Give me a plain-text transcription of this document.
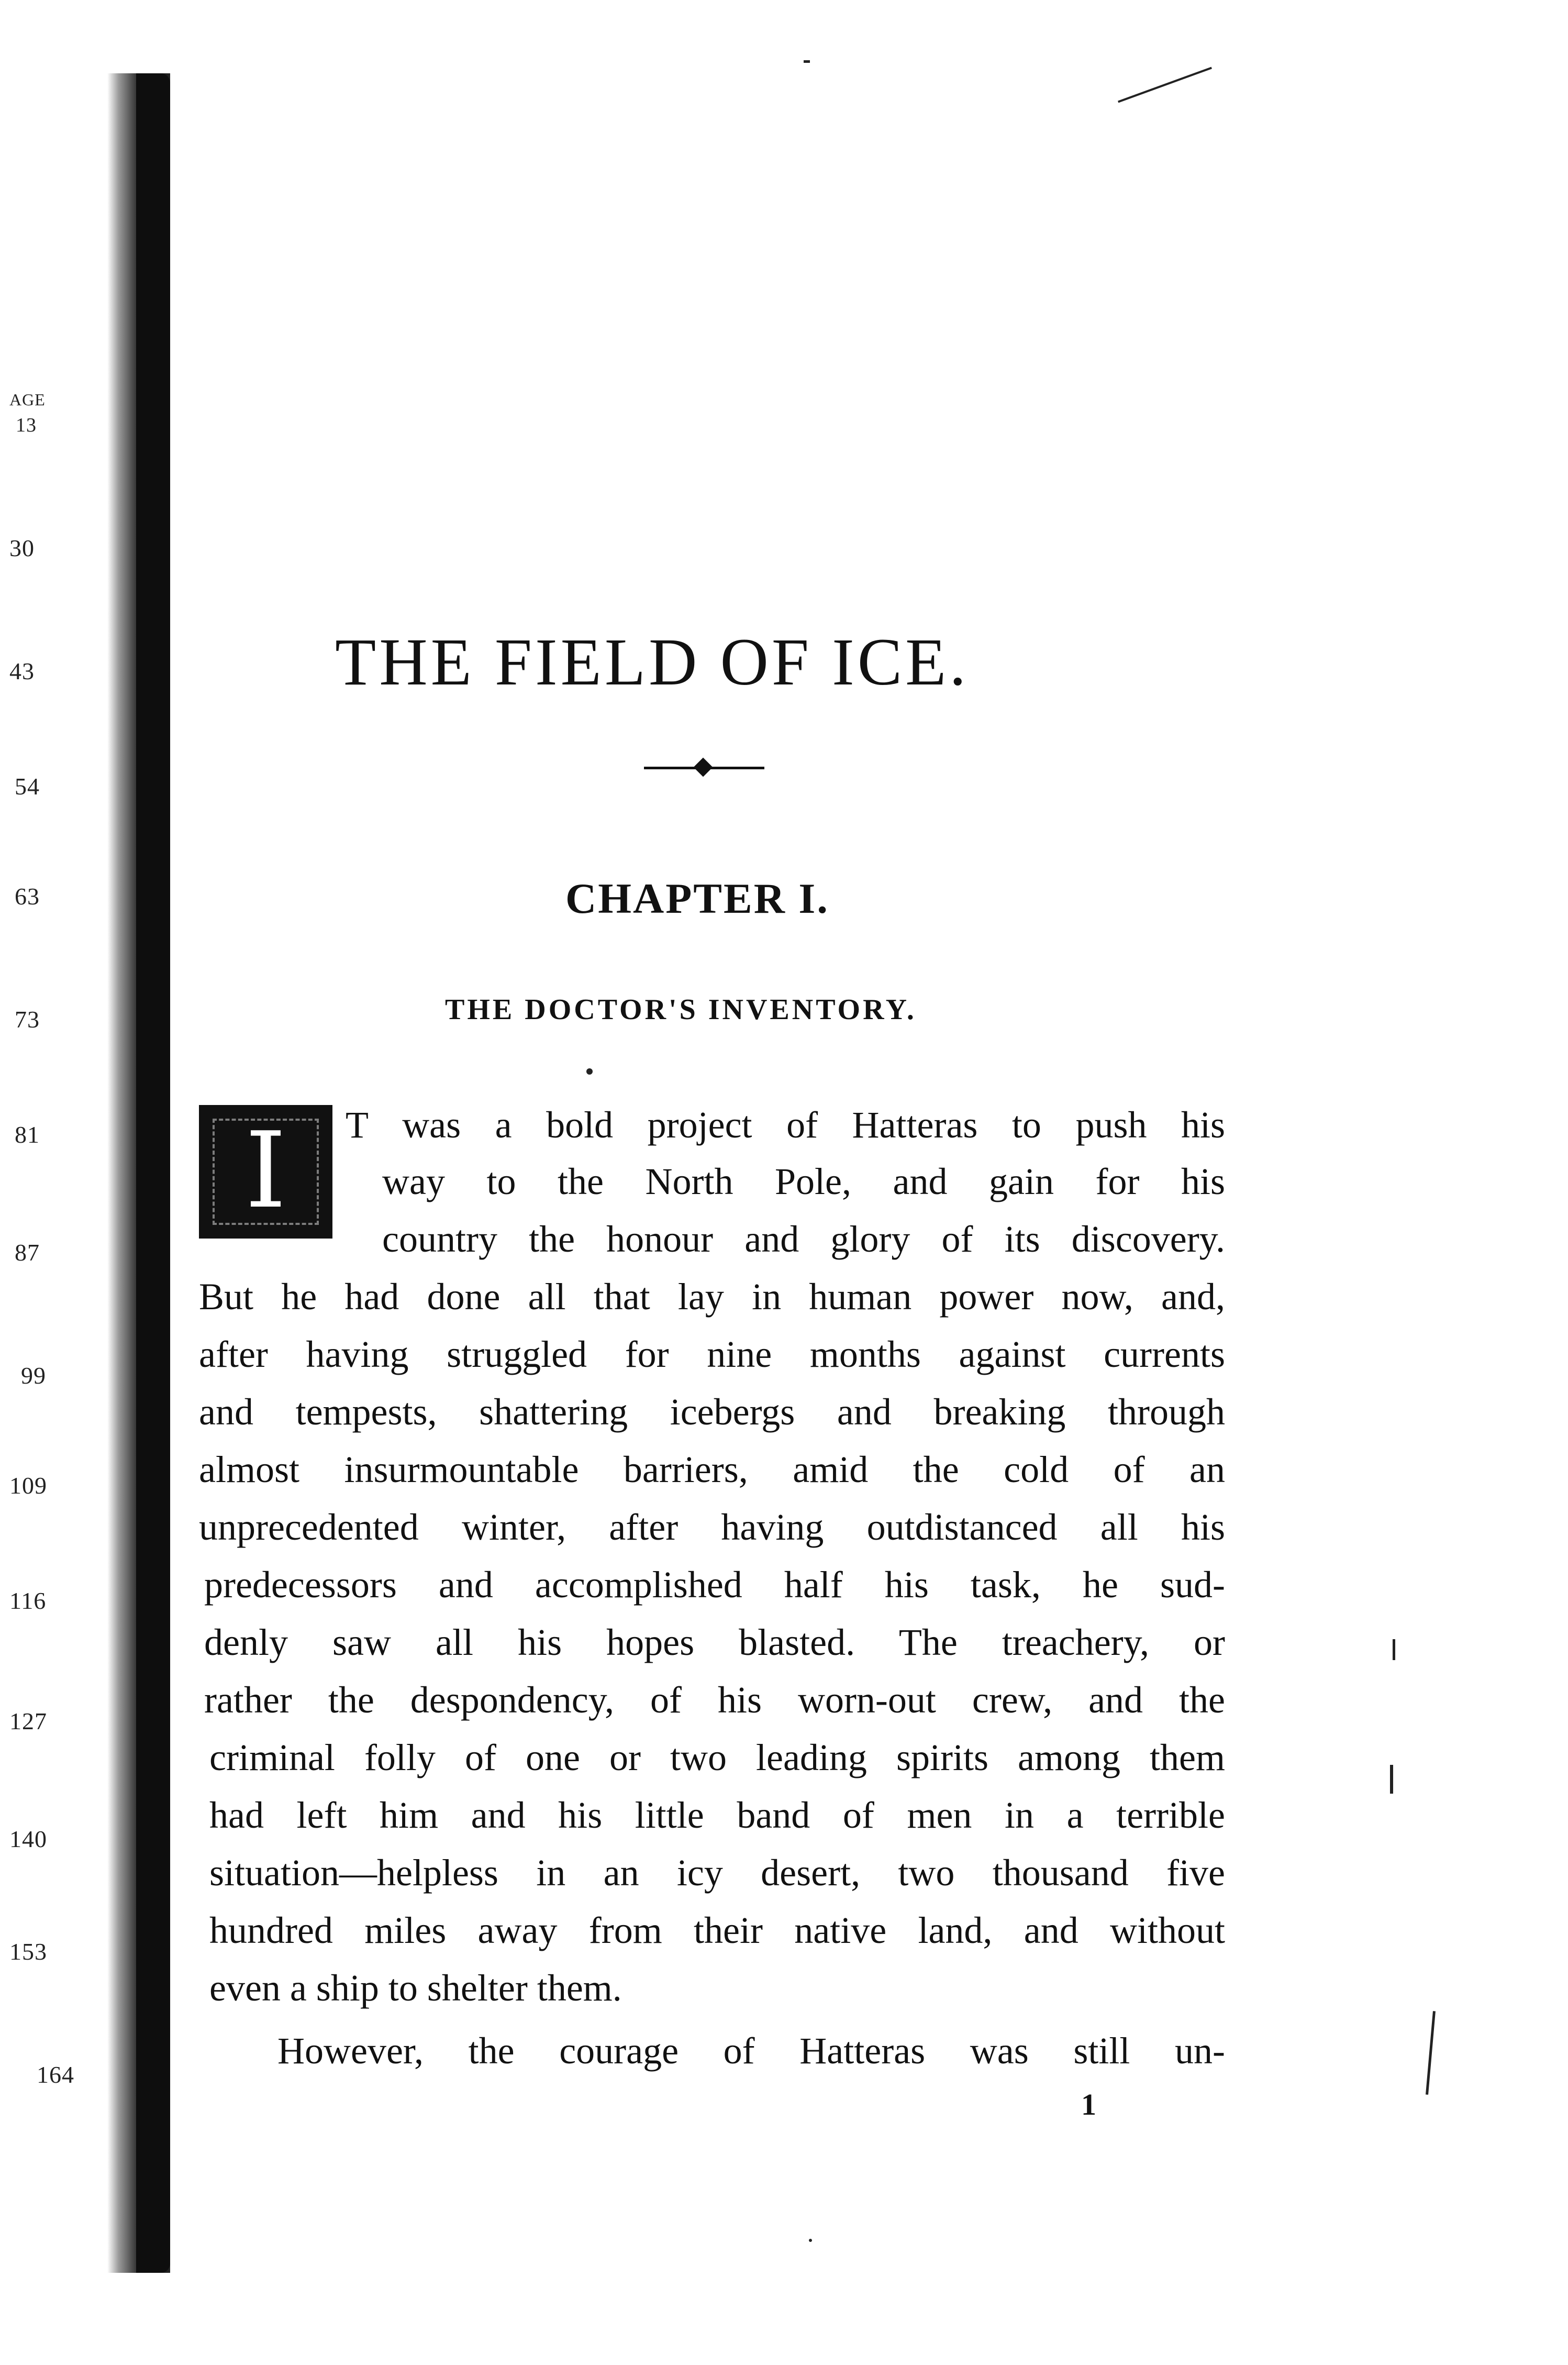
AGE
13
30
43
54
63
73
81
87
99
109
116
127
140
153
164
THE FIELD OF ICE.
CHAPTER I.
THE DOCTOR'S INVENTORY.
I	T was a bold project of Hatteras to push his
way to the North Pole, and gain for his
country the honour and glory of its discovery.
But he had done all that lay in human power now, and,
after having struggled for nine months against currents
and tempests, shattering icebergs and breaking through
almost insurmountable barriers, amid the cold of an
unprecedented winter, after having outdistanced all his
predecessors and accomplished half his task, he sud-
denly saw all his hopes blasted. The treachery, or
rather the despondency, of his worn-out crew, and the
criminal folly of one or two leading spirits among them
had left him and his little band of men in a terrible
situation—helpless in an icy desert, two thousand five
hundred miles away from their native land, and without
even a ship to shelter them.
However, the courage of Hatteras was still un-
1
